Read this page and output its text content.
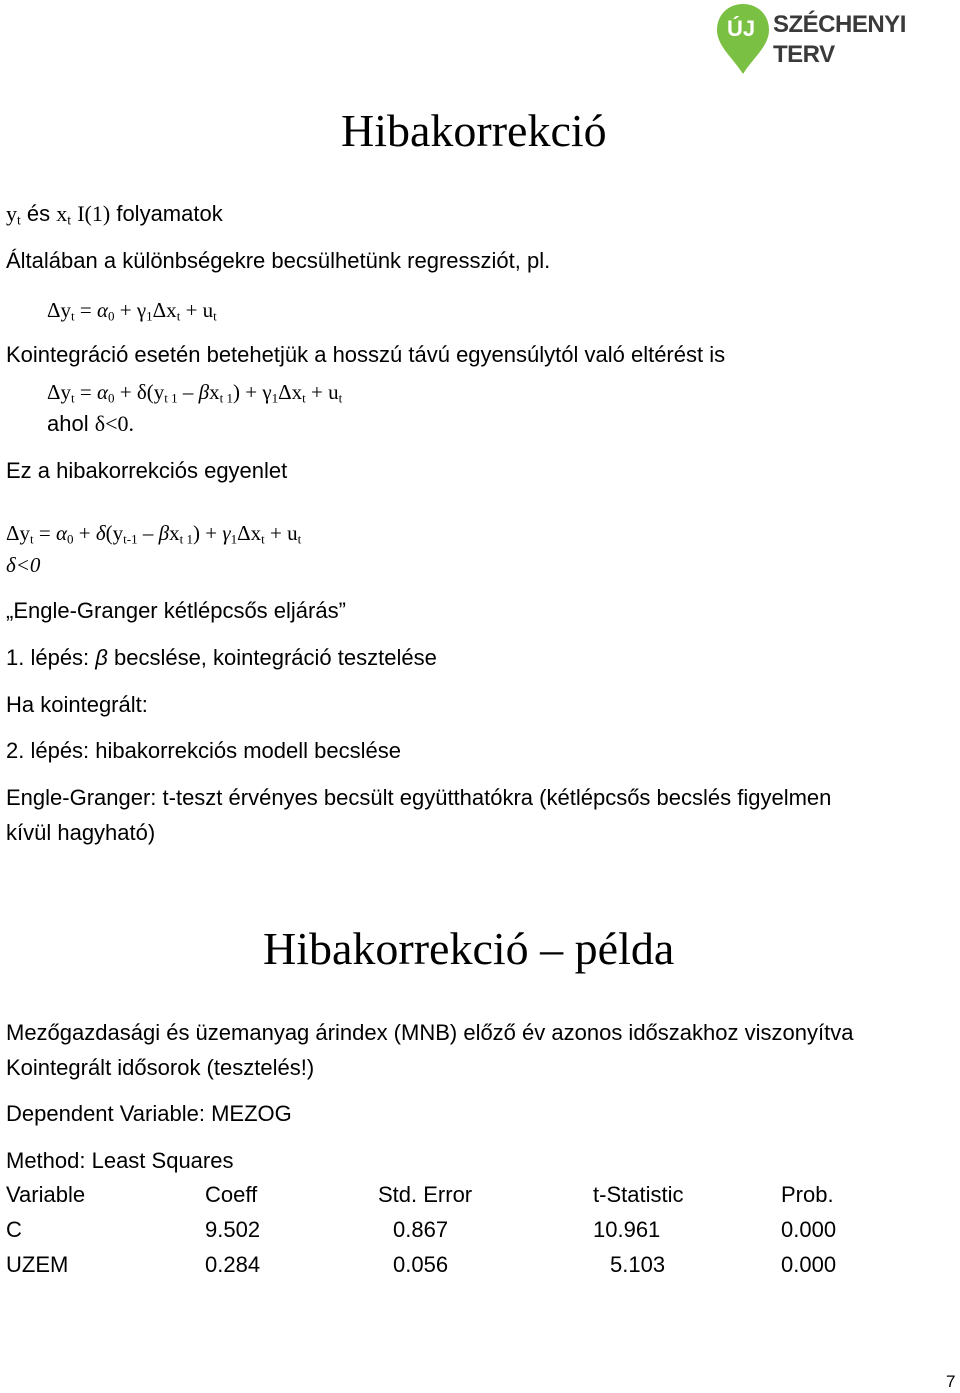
ÚJ SZÉCHENYI TERV
Hibakorrekció
$y_t$ és $x_t$ I(1) folyamatok
Általában a különbségekre becsülhetünk regressziót, pl.
$\Delta y_t = \alpha_0 + \gamma_1\Delta x_t + u_t$
Kointegráció esetén betehetjük a hosszú távú egyensúlytól való eltérést is
$\Delta y_t = \alpha_0 + \delta(y_{t 1} - \beta x_{t 1}) + \gamma_1\Delta x_t + u_t$
ahol δ<0.
Ez a hibakorrekciós egyenlet
$\Delta y_t = \alpha_0 + \delta(y_{t-1} - \beta x_{t 1}) + \gamma_1\Delta x_t + u_t$
δ<0
„Engle-Granger kétlépcsős eljárás”
1. lépés: β becslése, kointegráció tesztelése
Ha kointegrált:
2. lépés: hibakorrekciós modell becslése
Engle-Granger: t-teszt érvényes becsült együtthatókra (kétlépcsős becslés figyelmen
kívül hagyható)
Hibakorrekció – példa
Mezőgazdasági és üzemanyag árindex (MNB) előző év azonos időszakhoz viszonyítva
Kointegrált idősorok (tesztelés!)
Dependent Variable: MEZOG
Method: Least Squares
Variable	Coeff	Std. Error	t-Statistic	Prob.
C	9.502	0.867	10.961	0.000
UZEM	0.284	0.056	5.103	0.000
7
